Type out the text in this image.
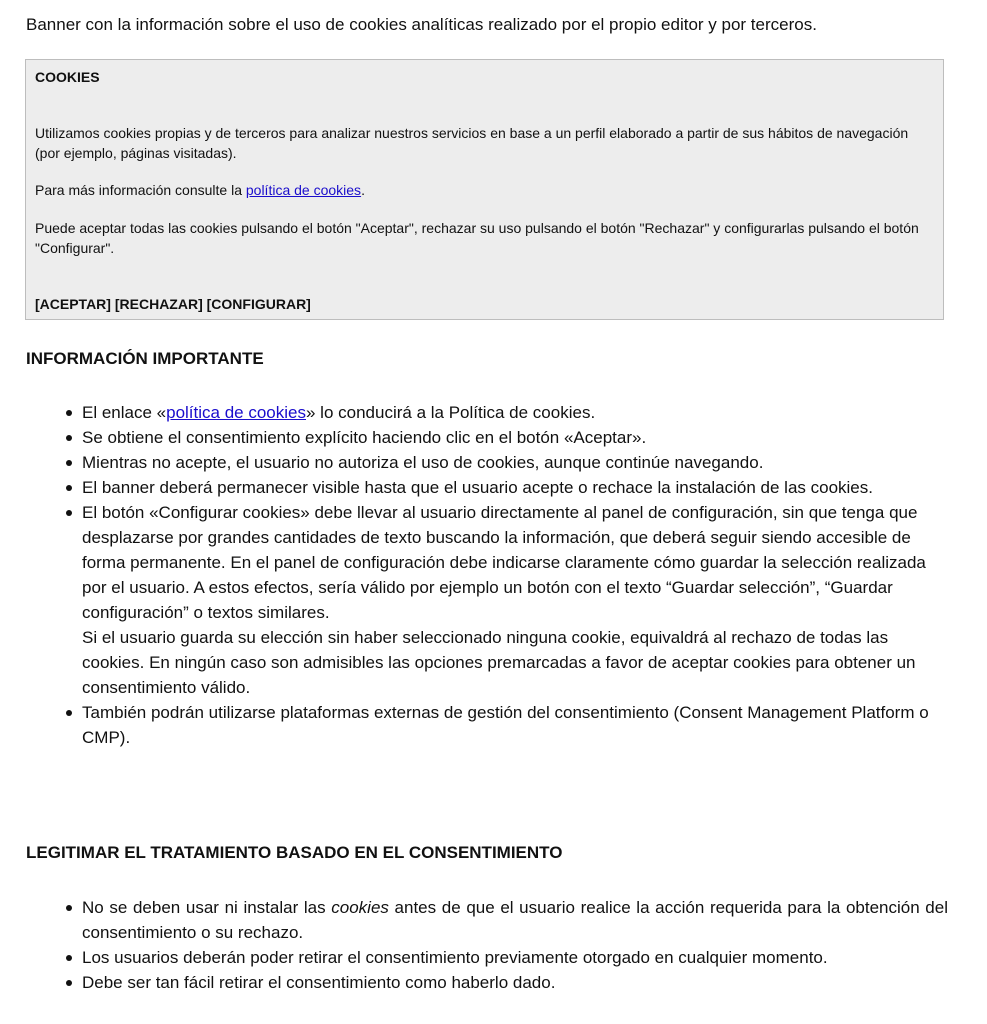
Banner con la información sobre el uso de cookies analíticas realizado por el propio editor y por terceros.

COOKIES

Utilizamos cookies propias y de terceros para analizar nuestros servicios en base a un perfil elaborado a partir de sus hábitos de navegación (por ejemplo, páginas visitadas).

Para más información consulte la política de cookies.

Puede aceptar todas las cookies pulsando el botón "Aceptar", rechazar su uso pulsando el botón "Rechazar" y configurarlas pulsando el botón "Configurar".

[ACEPTAR] [RECHAZAR] [CONFIGURAR]

INFORMACIÓN IMPORTANTE
El enlace «política de cookies» lo conducirá a la Política de cookies.
Se obtiene el consentimiento explícito haciendo clic en el botón «Aceptar».
Mientras no acepte, el usuario no autoriza el uso de cookies, aunque continúe navegando.
El banner deberá permanecer visible hasta que el usuario acepte o rechace la instalación de las cookies.
El botón «Configurar cookies» debe llevar al usuario directamente al panel de configuración, sin que tenga que desplazarse por grandes cantidades de texto buscando la información, que deberá seguir siendo accesible de forma permanente. En el panel de configuración debe indicarse claramente cómo guardar la selección realizada por el usuario. A estos efectos, sería válido por ejemplo un botón con el texto “Guardar selección”, “Guardar configuración” o textos similares.
Si el usuario guarda su elección sin haber seleccionado ninguna cookie, equivaldrá al rechazo de todas las cookies. En ningún caso son admisibles las opciones premarcadas a favor de aceptar cookies para obtener un consentimiento válido.
También podrán utilizarse plataformas externas de gestión del consentimiento (Consent Management Platform o CMP).
LEGITIMAR EL TRATAMIENTO BASADO EN EL CONSENTIMIENTO
No se deben usar ni instalar las cookies antes de que el usuario realice la acción requerida para la obtención del consentimiento o su rechazo.
Los usuarios deberán poder retirar el consentimiento previamente otorgado en cualquier momento.
Debe ser tan fácil retirar el consentimiento como haberlo dado.
